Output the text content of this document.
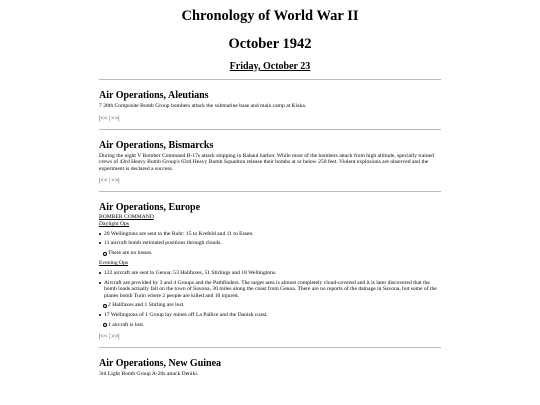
Chronology of World War II
October 1942
Friday, October 23
Air Operations, Aleutians
7 28th Composite Bomb Group bombers attack the submarine base and main camp at Kiska.
|<<|>>|
Air Operations, Bismarcks
During the night V Bomber Command B-17s attack shipping in Rabaul harbor. While most of the bombers attack from high altitude, specially trained crews of 43rd Heavy Bomb Group's 63rd Heavy Bomb Squadron release their bombs at or below 250 feet. Violent explosions are observed and the experiment is declared a success.
|<<|>>|
Air Operations, Europe
BOMBER COMMAND
Daylight Ops
20 Wellingtons are sent to the Ruhr: 15 to Krefeld and 11 to Essen.
11 aircraft bomb estimated positions through clouds.
There are no losses.
Evening Ops
122 aircraft are sent to Genoa: 53 Halifaxes, 51 Stirlings and 18 Wellingtons.
Aircraft are provided by 3 and 4 Groups and the Pathfinders. The target area is almost completely cloud-covered and it is later discovered that the bomb loads actually fall on the town of Savona, 30 miles along the coast from Genoa. There are no reports of the damage in Savona, but some of the planes bomb Turin where 2 people are killed and 10 injured.
2 Halifaxes and 1 Stirling are lost.
17 Wellingtons of 1 Group lay mines off La Pallice and the Danish coast.
1 aircraft is lost.
|<<|>>|
Air Operations, New Guinea
3rd Light Bomb Group A-20s attack Deniki.
